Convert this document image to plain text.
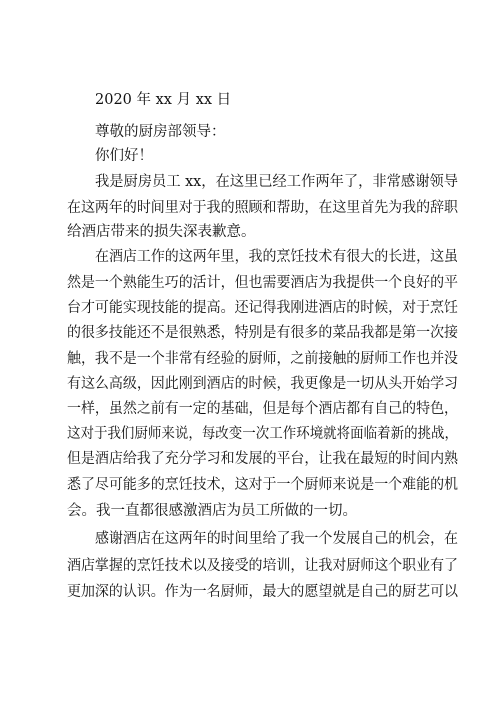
2020 年 xx 月 xx 日
尊敬的厨房部领导：
你们好！
我是厨房员工 xx，在这里已经工作两年了，非常感谢领导
在这两年的时间里对于我的照顾和帮助，在这里首先为我的辞职
给酒店带来的损失深表歉意。
在酒店工作的这两年里，我的烹饪技术有很大的长进，这虽
然是一个熟能生巧的活计，但也需要酒店为我提供一个良好的平
台才可能实现技能的提高。还记得我刚进酒店的时候，对于烹饪
的很多技能还不是很熟悉，特别是有很多的菜品我都是第一次接
触，我不是一个非常有经验的厨师，之前接触的厨师工作也并没
有这么高级，因此刚到酒店的时候，我更像是一切从头开始学习
一样，虽然之前有一定的基础，但是每个酒店都有自己的特色，
这对于我们厨师来说，每改变一次工作环境就将面临着新的挑战，
但是酒店给我了充分学习和发展的平台，让我在最短的时间内熟
悉了尽可能多的烹饪技术，这对于一个厨师来说是一个难能的机
会。我一直都很感激酒店为员工所做的一切。
感谢酒店在这两年的时间里给了我一个发展自己的机会，在
酒店掌握的烹饪技术以及接受的培训，让我对厨师这个职业有了
更加深的认识。作为一名厨师，最大的愿望就是自己的厨艺可以
